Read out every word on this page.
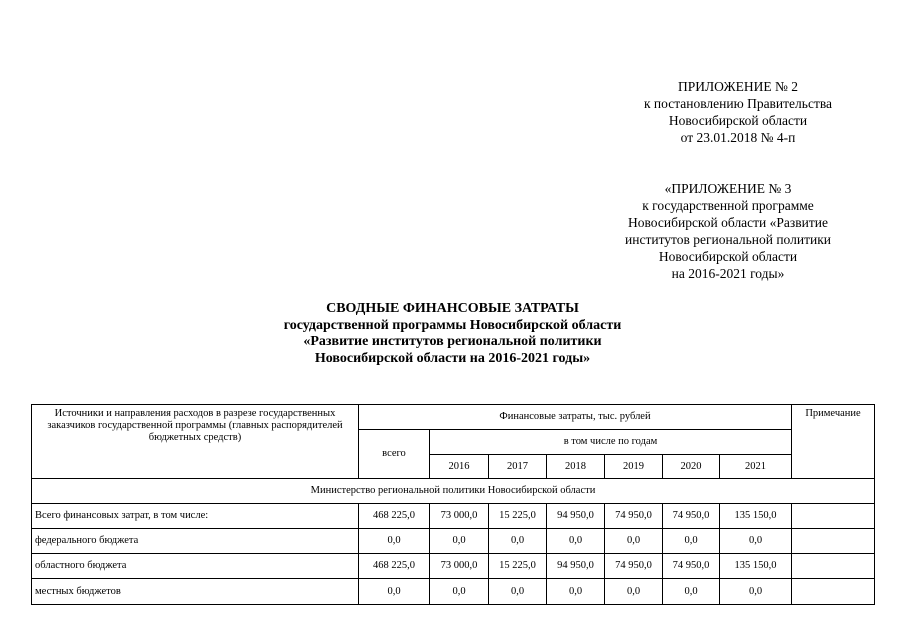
ПРИЛОЖЕНИЕ № 2
к постановлению Правительства
Новосибирской области
от 23.01.2018 № 4-п
«ПРИЛОЖЕНИЕ № 3
к государственной программе
Новосибирской области «Развитие
институтов региональной политики
Новосибирской области
на 2016-2021 годы»
СВОДНЫЕ ФИНАНСОВЫЕ ЗАТРАТЫ
государственной программы Новосибирской области
«Развитие институтов региональной политики
Новосибирской области на 2016-2021 годы»
Источники и направления расходов в разрезе государственных заказчиков государственной программы (главных распорядителей бюджетных средств)	Финансовые затраты, тыс. рублей							Примечание
	всего	в том числе по годам						
		2016	2017	2018	2019	2020	2021	
Министерство региональной политики Новосибирской области								
Всего финансовых затрат, в том числе:	468 225,0	73 000,0	15 225,0	94 950,0	74 950,0	74 950,0	135 150,0	
федерального бюджета	0,0	0,0	0,0	0,0	0,0	0,0	0,0	
областного бюджета	468 225,0	73 000,0	15 225,0	94 950,0	74 950,0	74 950,0	135 150,0	
местных бюджетов	0,0	0,0	0,0	0,0	0,0	0,0	0,0	
